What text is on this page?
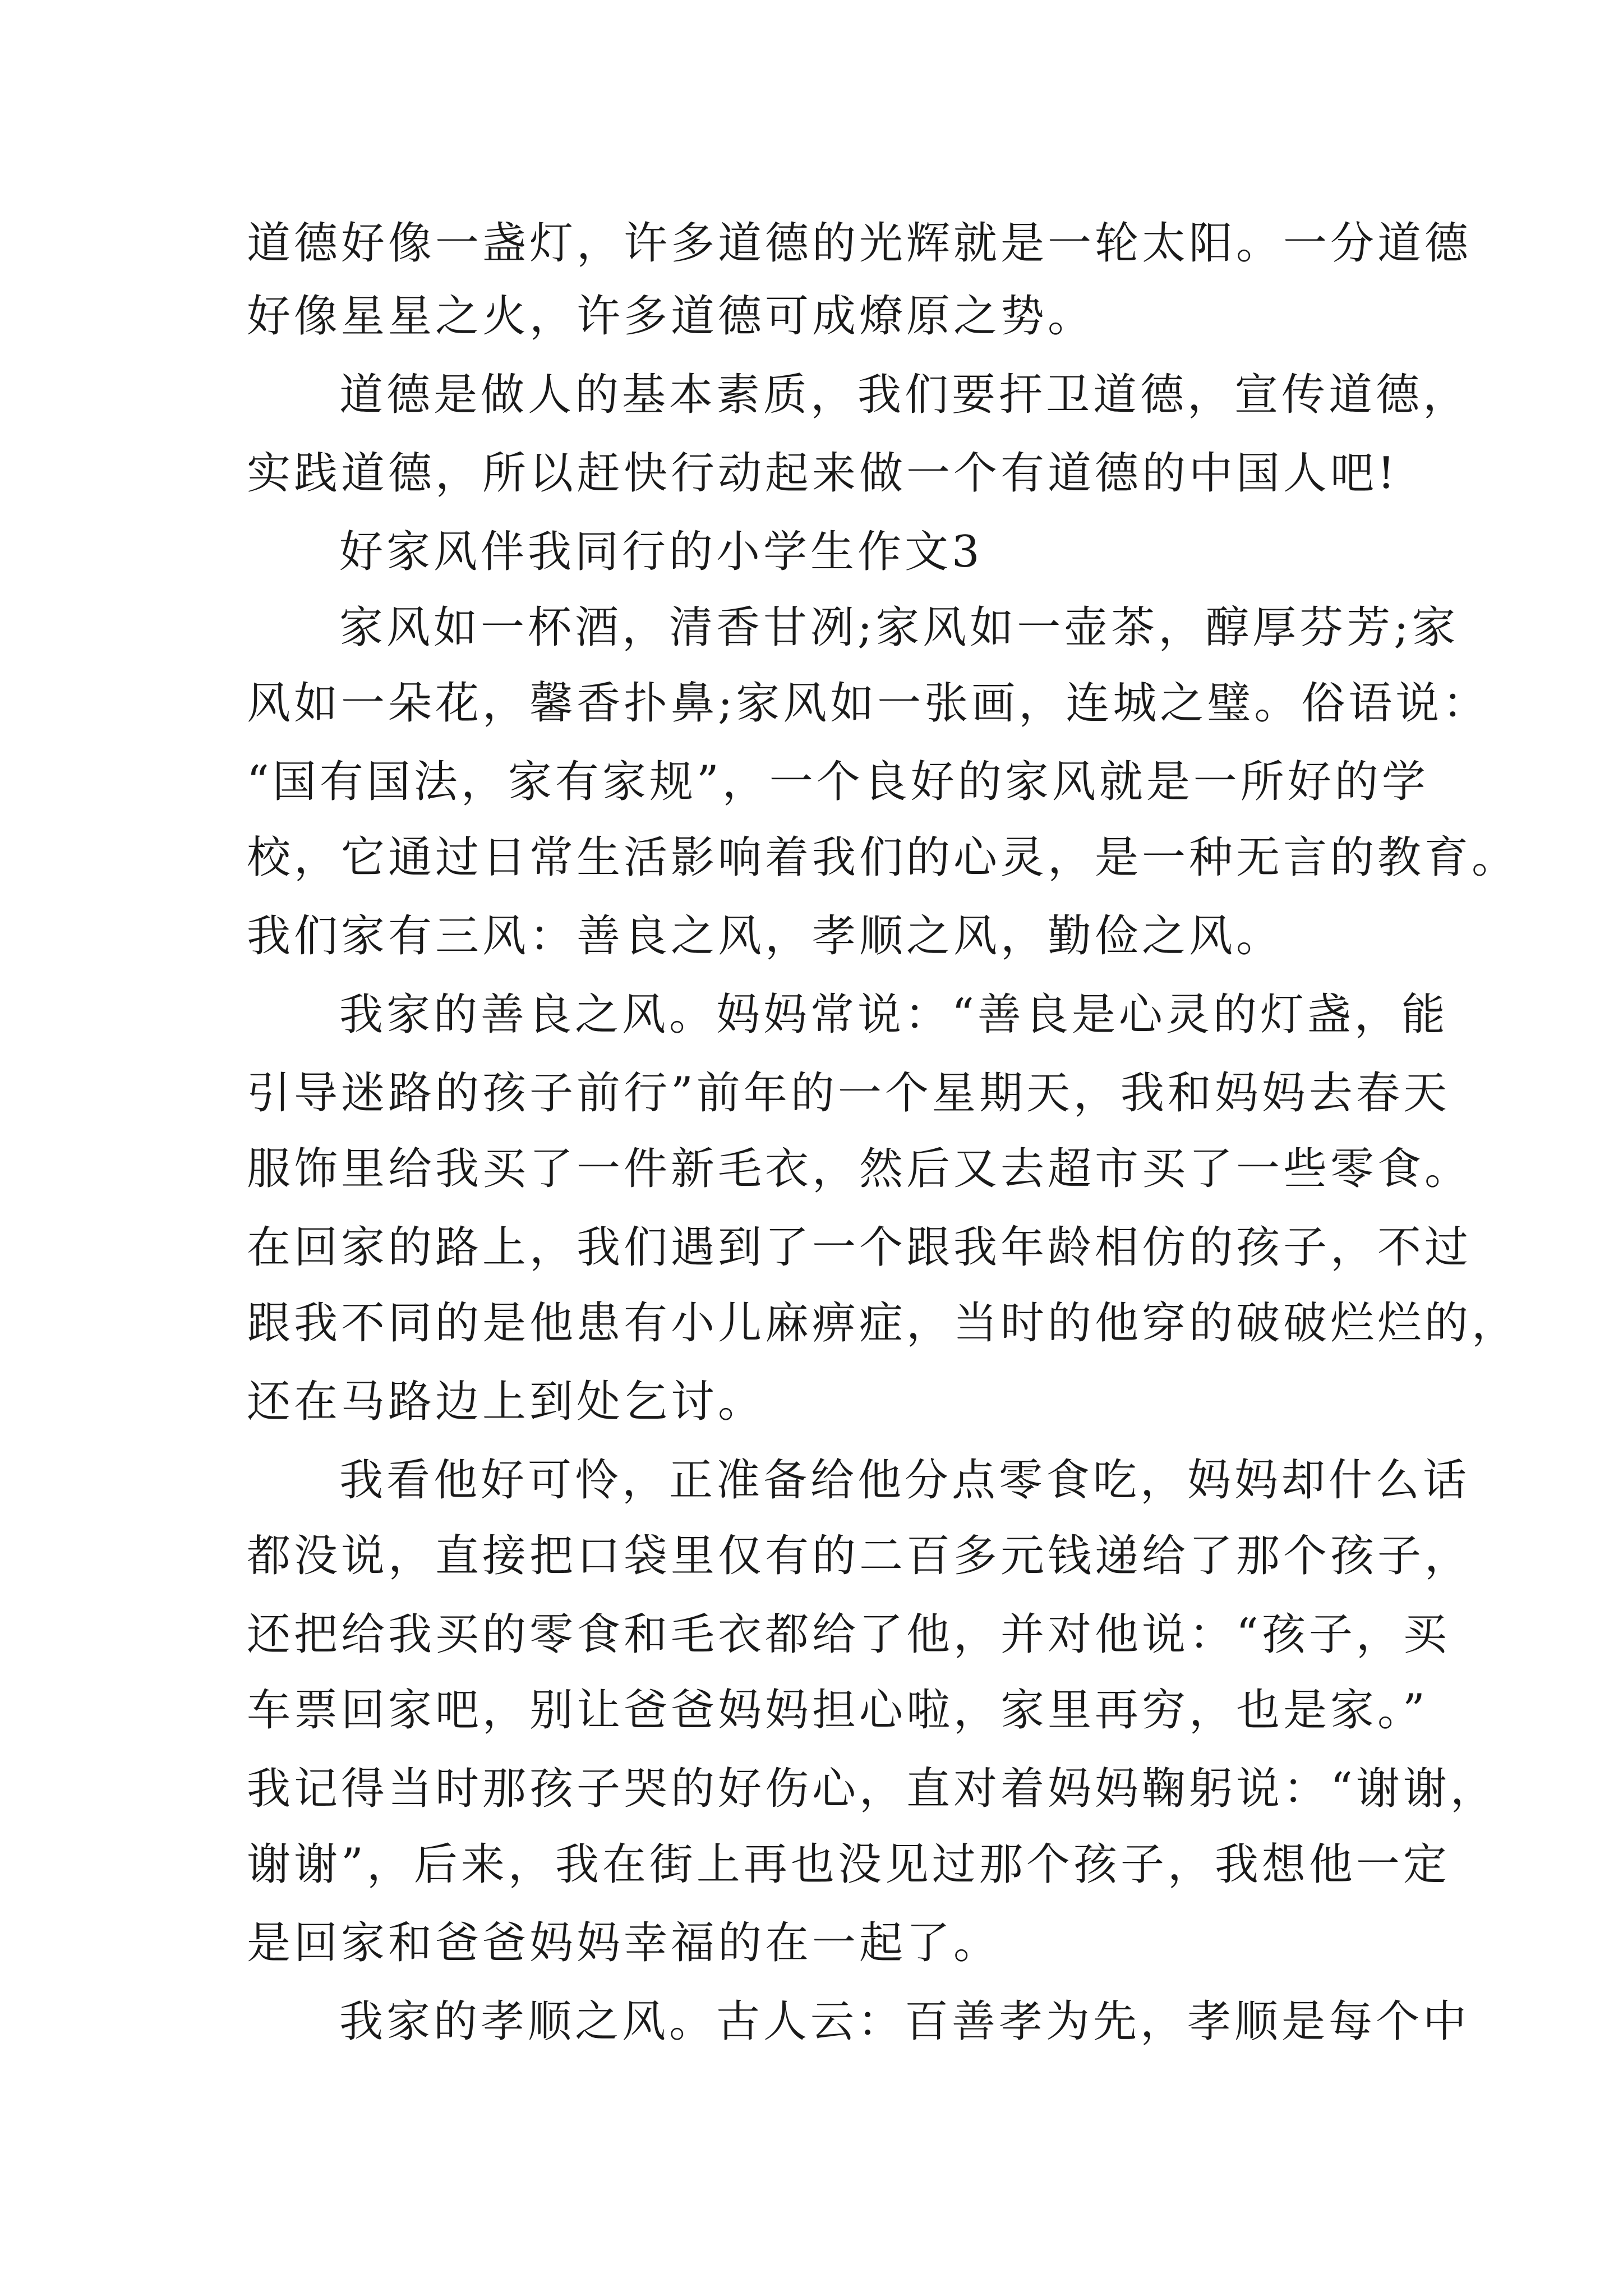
道德好像一盏灯，许多道德的光辉就是一轮太阳。一分道德
好像星星之火，许多道德可成燎原之势。
道德是做人的基本素质，我们要扞卫道德，宣传道德，
实践道德，所以赶快行动起来做一个有道德的中国人吧!
好家风伴我同行的小学生作文3
家风如一杯酒，清香甘冽;家风如一壶茶，醇厚芬芳;家
风如一朵花，馨香扑鼻;家风如一张画，连城之璧。俗语说：
“国有国法，家有家规”，一个良好的家风就是一所好的学
校，它通过日常生活影响着我们的心灵，是一种无言的教育。
我们家有三风：善良之风，孝顺之风，勤俭之风。
我家的善良之风。妈妈常说：“善良是心灵的灯盏，能
引导迷路的孩子前行”前年的一个星期天，我和妈妈去春天
服饰里给我买了一件新毛衣，然后又去超市买了一些零食。
在回家的路上，我们遇到了一个跟我年龄相仿的孩子，不过
跟我不同的是他患有小儿麻痹症，当时的他穿的破破烂烂的，
还在马路边上到处乞讨。
我看他好可怜，正准备给他分点零食吃，妈妈却什么话
都没说，直接把口袋里仅有的二百多元钱递给了那个孩子，
还把给我买的零食和毛衣都给了他，并对他说：“孩子，买
车票回家吧，别让爸爸妈妈担心啦，家里再穷，也是家。”
我记得当时那孩子哭的好伤心，直对着妈妈鞠躬说：“谢谢，
谢谢”，后来，我在街上再也没见过那个孩子，我想他一定
是回家和爸爸妈妈幸福的在一起了。
我家的孝顺之风。古人云：百善孝为先，孝顺是每个中
